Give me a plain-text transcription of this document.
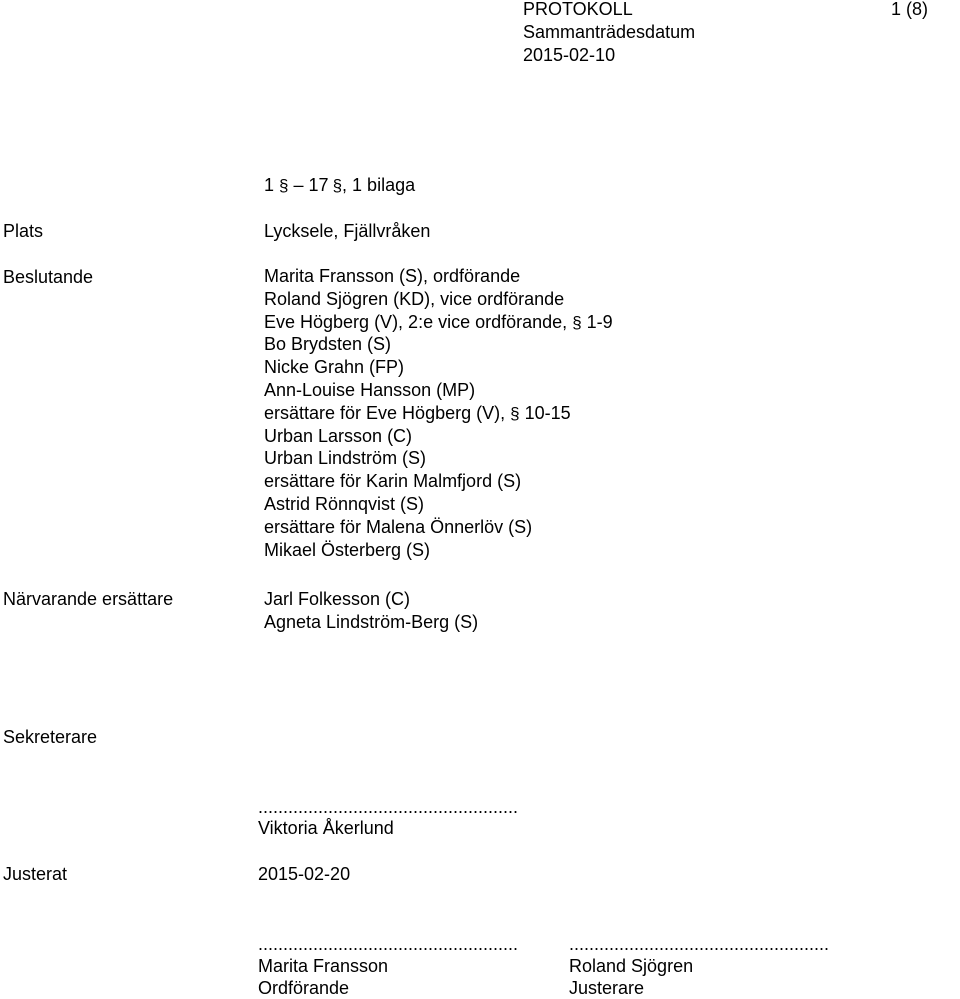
PROTOKOLL	1 (8)
Sammanträdesdatum
2015-02-10
1 § – 17 §, 1 bilaga
Plats	Lycksele, Fjällvråken
Beslutande	Marita Fransson (S), ordförande
Roland Sjögren (KD), vice ordförande
Eve Högberg (V), 2:e vice ordförande, § 1-9
Bo Brydsten (S)
Nicke Grahn (FP)
Ann-Louise Hansson (MP)
ersättare för Eve Högberg (V), § 10-15
Urban Larsson (C)
Urban Lindström (S)
ersättare för Karin Malmfjord (S)
Astrid Rönnqvist (S)
ersättare för Malena Önnerlöv (S)
Mikael Österberg (S)
Närvarande ersättare	Jarl Folkesson (C)
Agneta Lindström-Berg (S)
Sekreterare
....................................................
Viktoria Åkerlund
Justerat	2015-02-20
....................................................
Marita Fransson
Ordförande
....................................................
Roland Sjögren
Justerare
